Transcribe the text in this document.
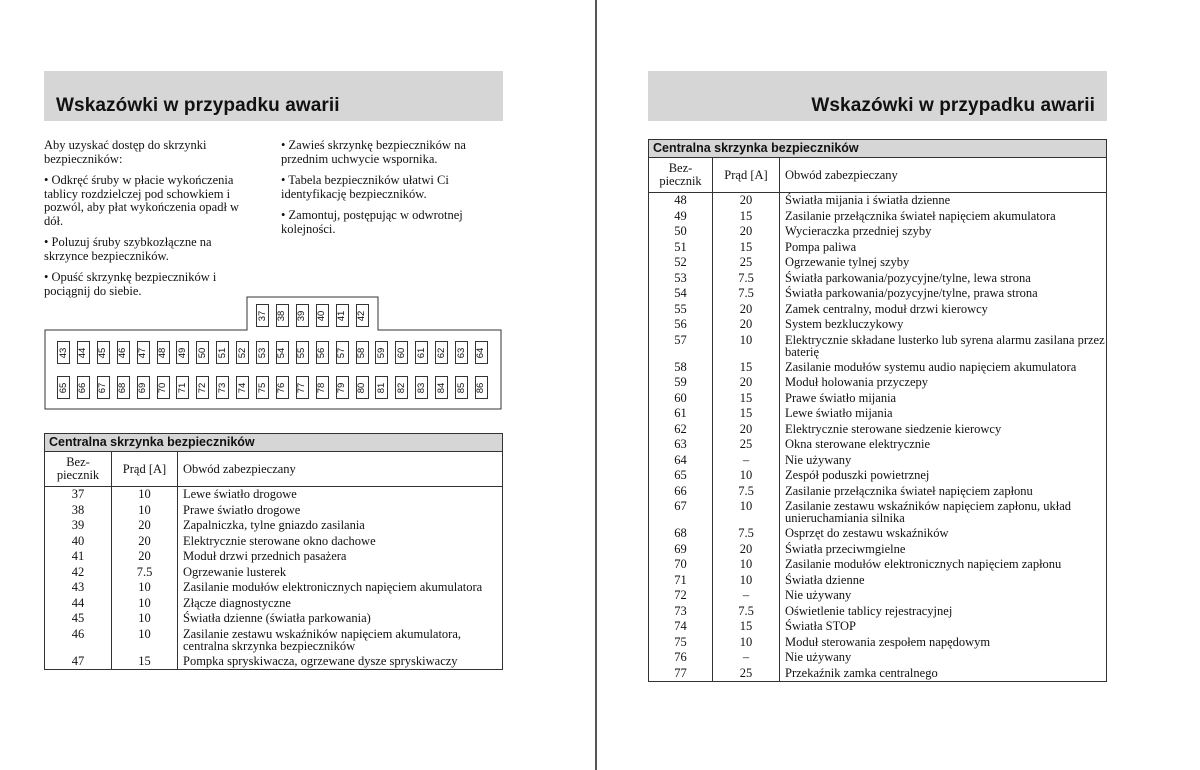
Wskazówki w przypadku awarii

Aby uzyskać dostęp do skrzynki bezpieczników:

• Odkręć śruby w płacie wykończenia tablicy rozdzielczej pod schowkiem i pozwól, aby płat wykończenia opadł w dół.

• Poluzuj śruby szybkozłączne na skrzynce bezpieczników.

• Opuść skrzynkę bezpieczników i pociągnij do siebie.

• Zawieś skrzynkę bezpieczników na przednim uchwycie wspornika.

• Tabela bezpieczników ułatwi Ci identyfikację bezpieczników.

• Zamontuj, postępując w odwrotnej kolejności.

37 38 39 40 41 42
43 44 45 46 47 48 49 50 51 52 53 54 55 56 57 58 59 60 61 62 63 64
65 66 67 68 69 70 71 72 73 74 75 76 77 78 79 80 81 82 83 84 85 86
Centralna skrzynka bezpieczników		

Bez-
piecznik	Prąd [A]	Obwód zabezpieczany
37	10	Lewe światło drogowe
38	10	Prawe światło drogowe
39	20	Zapalniczka, tylne gniazdo zasilania
40	20	Elektrycznie sterowane okno dachowe
41	20	Moduł drzwi przednich pasażera
42	7.5	Ogrzewanie lusterek
43	10	Zasilanie modułów elektronicznych napięciem akumulatora
44	10	Złącze diagnostyczne
45	10	Światła dzienne (światła parkowania)
46	10	Zasilanie zestawu wskaźników napięciem akumulatora, centralna skrzynka bezpieczników
47	15	Pompka spryskiwacza, ogrzewane dysze spryskiwaczy
Wskazówki w przypadku awarii
Centralna skrzynka bezpieczników		

Bez-
piecznik	Prąd [A]	Obwód zabezpieczany
48	20	Światła mijania i światła dzienne
49	15	Zasilanie przełącznika świateł napięciem akumulatora
50	20	Wycieraczka przedniej szyby
51	15	Pompa paliwa
52	25	Ogrzewanie tylnej szyby
53	7.5	Światła parkowania/pozycyjne/tylne, lewa strona
54	7.5	Światła parkowania/pozycyjne/tylne, prawa strona
55	20	Zamek centralny, moduł drzwi kierowcy
56	20	System bezkluczykowy
57	10	Elektrycznie składane lusterko lub syrena alarmu zasilana przez baterię
58	15	Zasilanie modułów systemu audio napięciem akumulatora
59	20	Moduł holowania przyczepy
60	15	Prawe światło mijania
61	15	Lewe światło mijania
62	20	Elektrycznie sterowane siedzenie kierowcy
63	25	Okna sterowane elektrycznie
64	–	Nie używany
65	10	Zespół poduszki powietrznej
66	7.5	Zasilanie przełącznika świateł napięciem zapłonu
67	10	Zasilanie zestawu wskaźników napięciem zapłonu, układ unieruchamiania silnika
68	7.5	Osprzęt do zestawu wskaźników
69	20	Światła przeciwmgielne
70	10	Zasilanie modułów elektronicznych napięciem zapłonu
71	10	Światła dzienne
72	–	Nie używany
73	7.5	Oświetlenie tablicy rejestracyjnej
74	15	Światła STOP
75	10	Moduł sterowania zespołem napędowym
76	–	Nie używany
77	25	Przekaźnik zamka centralnego
